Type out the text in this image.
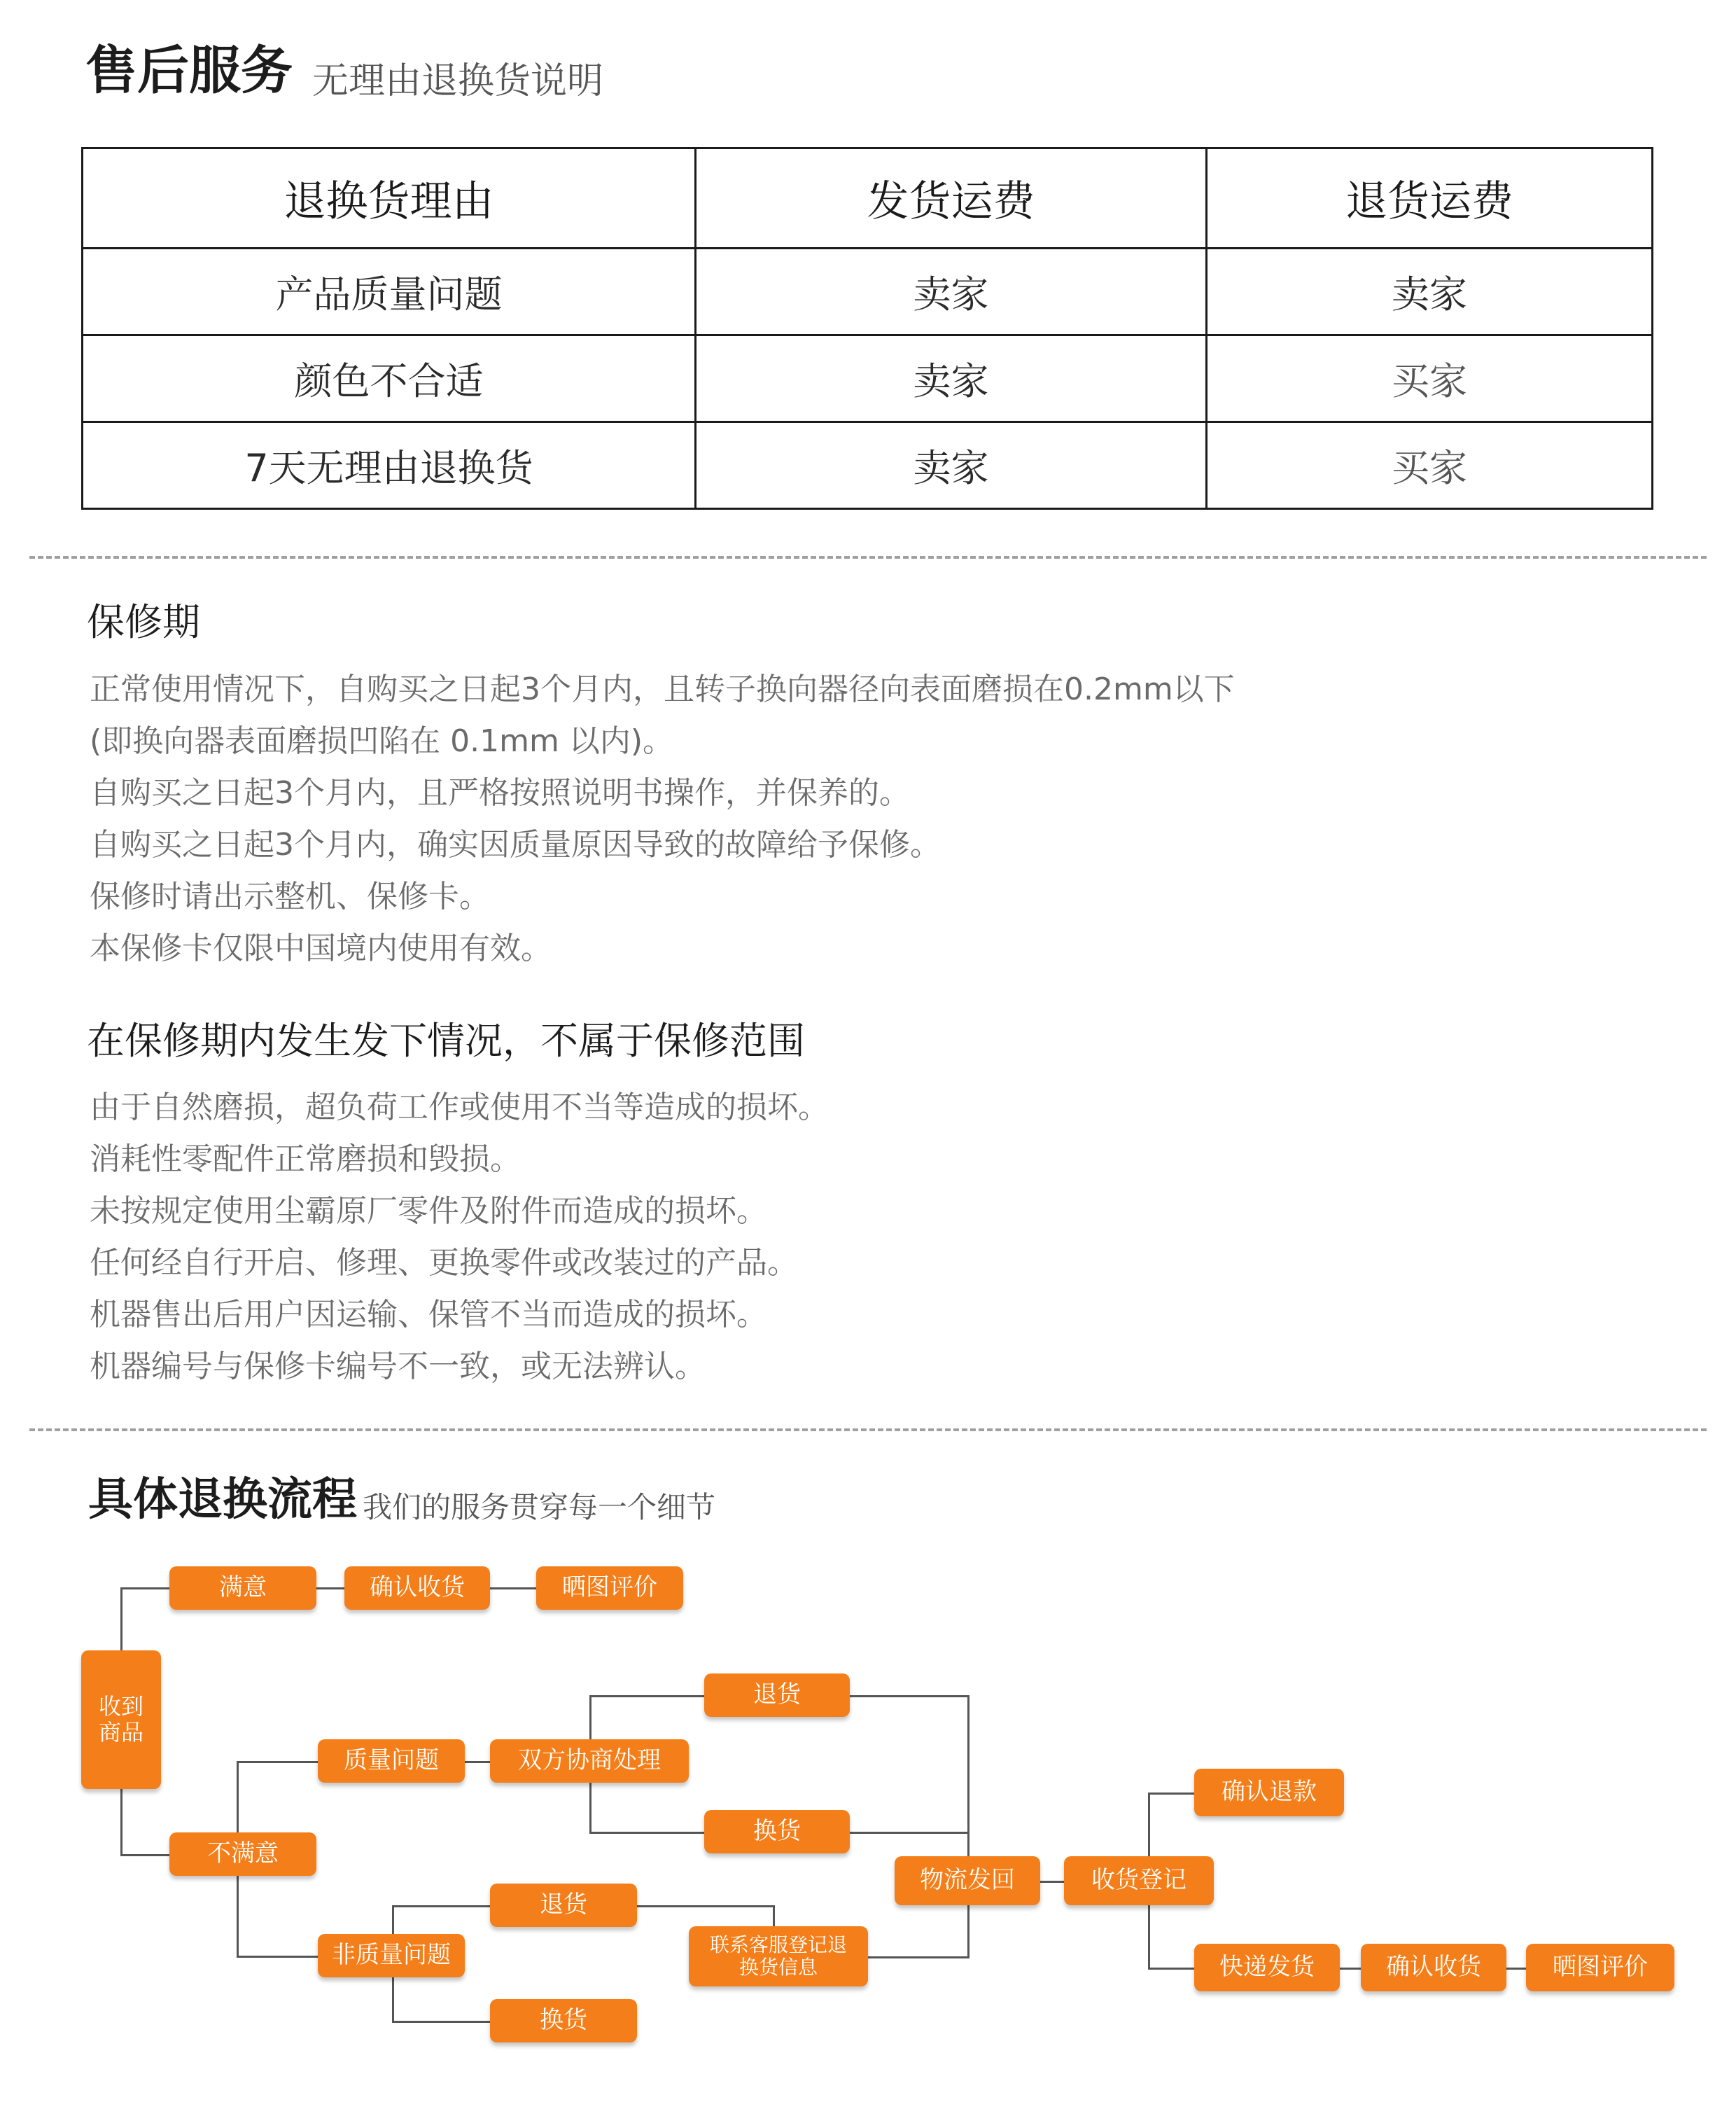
售后服务 无理由退换货说明
退换货理由	发货运费	退货运费
产品质量问题	卖家	卖家
颜色不合适	卖家	买家
7天无理由退换货	卖家	买家
保修期
正常使用情况下，自购买之日起3个月内，且转子换向器径向表面磨损在0.2mm以下
(即换向器表面磨损凹陷在 0.1mm 以内)。
自购买之日起3个月内，且严格按照说明书操作，并保养的。
自购买之日起3个月内，确实因质量原因导致的故障给予保修。
保修时请出示整机、保修卡。
本保修卡仅限中国境内使用有效。
在保修期内发生发下情况，不属于保修范围
由于自然磨损，超负荷工作或使用不当等造成的损坏。
消耗性零配件正常磨损和毁损。
未按规定使用尘霸原厂零件及附件而造成的损坏。
任何经自行开启、修理、更换零件或改装过的产品。
机器售出后用户因运输、保管不当而造成的损坏。
机器编号与保修卡编号不一致，或无法辨认。
具体退换流程 我们的服务贯穿每一个细节
收到
商品
满意	确认收货	晒图评价
不满意
质量问题	双方协商处理
退货
换货
非质量问题
退货
换货
联系客服登记退
换货信息
物流发回	收货登记
确认退款
快递发货	确认收货	晒图评价
